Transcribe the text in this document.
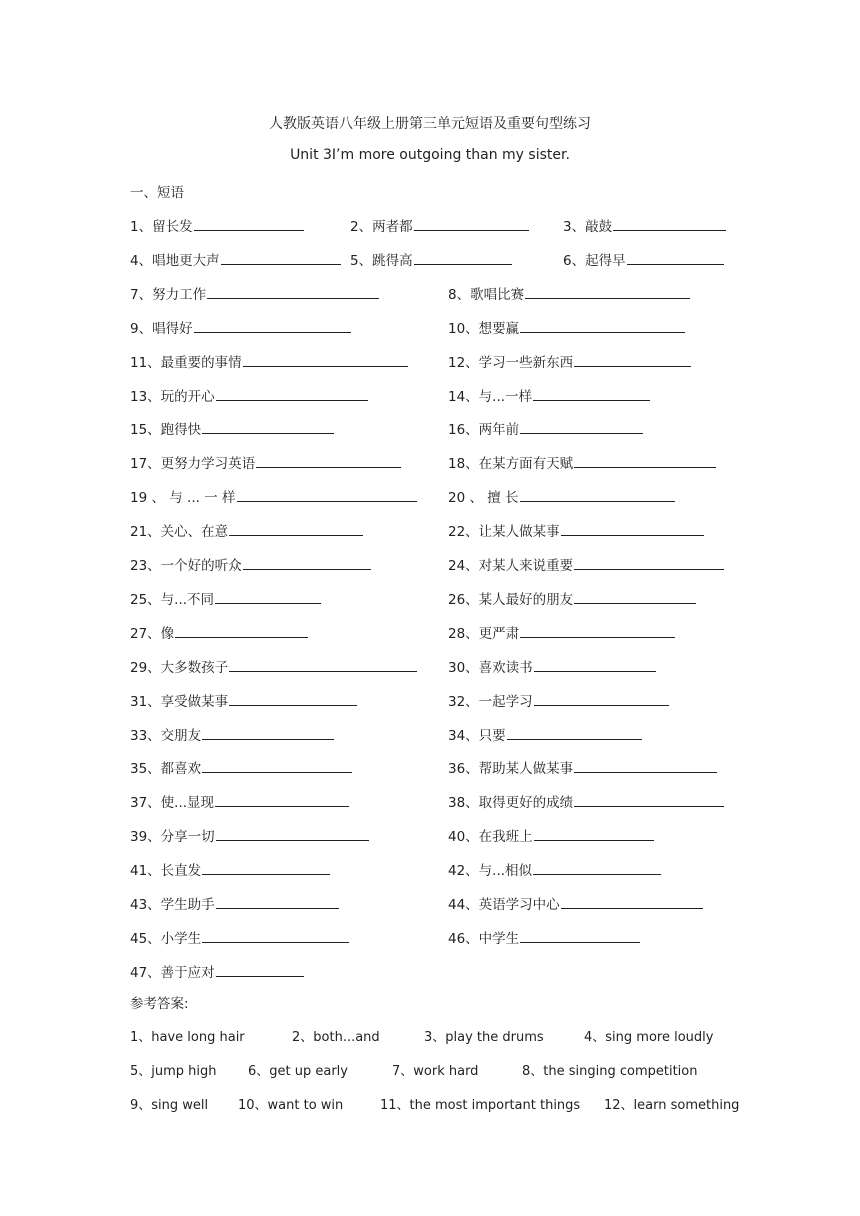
人教版英语八年级上册第三单元短语及重要句型练习
Unit 3I’m more outgoing than my sister.
一、短语
1、留长发	2、两者都	3、敲鼓
4、唱地更大声	5、跳得高	6、起得早
7、努力工作	8、歌唱比赛
9、唱得好	10、想要赢
11、最重要的事情	12、学习一些新东西
13、玩的开心	14、与...一样
15、跑得快	16、两年前
17、更努力学习英语	18、在某方面有天赋
19 、 与 ... 一 样	20 、 擅 长
21、关心、在意	22、让某人做某事
23、一个好的听众	24、对某人来说重要
25、与...不同	26、某人最好的朋友
27、像	28、更严肃
29、大多数孩子	30、喜欢读书
31、享受做某事	32、一起学习
33、交朋友	34、只要
35、都喜欢	36、帮助某人做某事
37、使...显现	38、取得更好的成绩
39、分享一切	40、在我班上
41、长直发	42、与...相似
43、学生助手	44、英语学习中心
45、小学生	46、中学生
47、善于应对
参考答案:
1、have long hair	2、both...and	3、play the drums	4、sing more loudly
5、jump high 6、get up early	7、work hard	8、the singing competition
9、sing well 10、want to win	11、the most important things 12、learn something
